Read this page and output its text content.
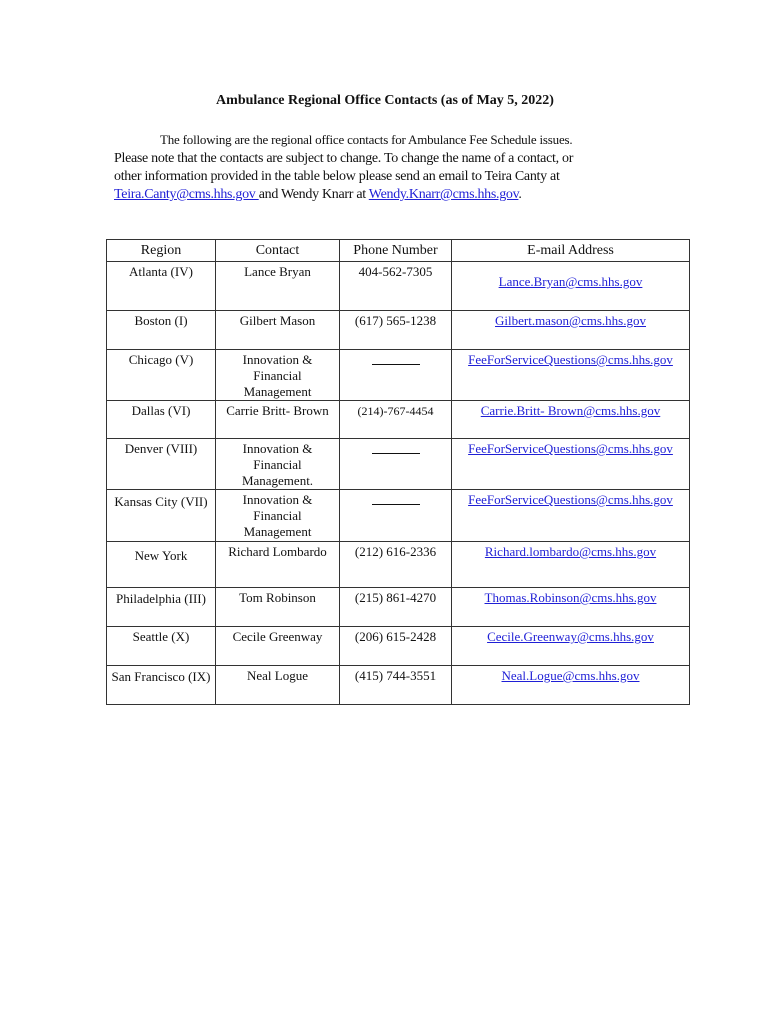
Ambulance Regional Office Contacts (as of May 5, 2022)
The following are the regional office contacts for Ambulance Fee Schedule issues.
Please note that the contacts are subject to change. To change the name of a contact, or
other information provided in the table below please send an email to Teira Canty at
Teira.Canty@cms.hhs.gov and Wendy Knarr at Wendy.Knarr@cms.hhs.gov.
Region	Contact	Phone Number	E-mail Address
Atlanta (IV)	Lance Bryan	404-562-7305	Lance.Bryan@cms.hhs.gov
Boston (I)	Gilbert Mason	(617) 565-1238	Gilbert.mason@cms.hhs.gov
Chicago (V)	Innovation & Financial Management		FeeForServiceQuestions@cms.hhs.gov
Dallas (VI)	Carrie Britt- Brown	(214)-767-4454	Carrie.Britt- Brown@cms.hhs.gov
Denver (VIII)	Innovation & Financial Management.		FeeForServiceQuestions@cms.hhs.gov
Kansas City (VII)	Innovation & Financial Management		FeeForServiceQuestions@cms.hhs.gov
New York	Richard Lombardo	(212) 616-2336	Richard.lombardo@cms.hhs.gov
Philadelphia (III)	Tom Robinson	(215) 861-4270	Thomas.Robinson@cms.hhs.gov
Seattle (X)	Cecile Greenway	(206) 615-2428	Cecile.Greenway@cms.hhs.gov
San Francisco (IX)	Neal Logue	(415) 744-3551	Neal.Logue@cms.hhs.gov
